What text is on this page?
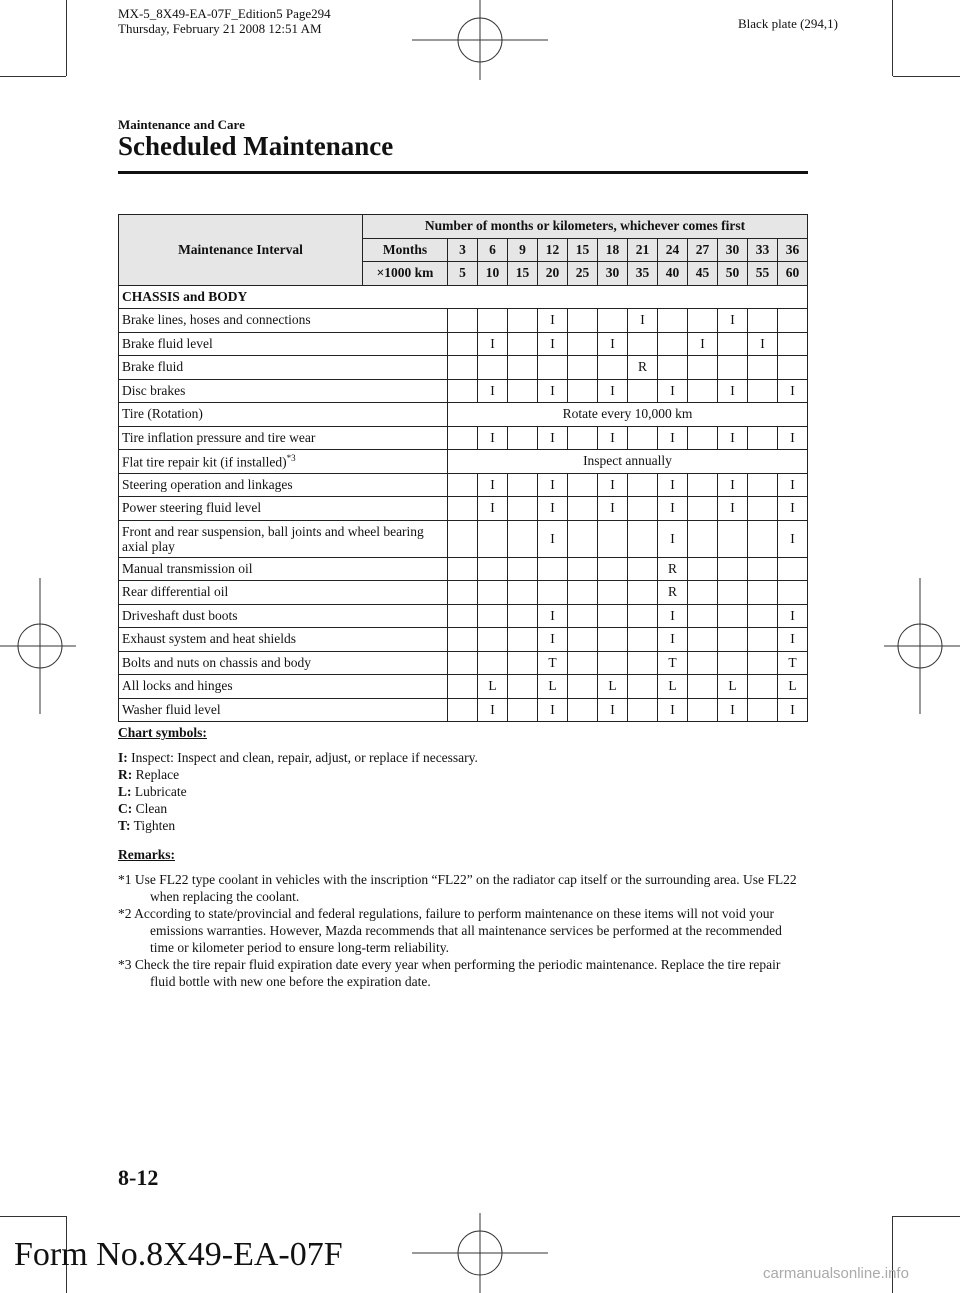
MX-5_8X49-EA-07F_Edition5 Page294
Thursday, February 21 2008 12:51 AM	Black plate (294,1)
Maintenance and Care
Scheduled Maintenance
Maintenance Interval	Number of months or kilometers, whichever comes first												
	Months	3	6	9	12	15	18	21	24	27	30	33	36
	×1000 km	5	10	15	20	25	30	35	40	45	50	55	60
CHASSIS and BODY													
Brake lines, hoses and connections					I			I			I		
Brake fluid level			I		I		I			I		I	
Brake fluid								R					
Disc brakes			I		I		I		I		I		I
Tire (Rotation)		Rotate every 10,000 km											
Tire inflation pressure and tire wear			I		I		I		I		I		I
Flat tire repair kit (if installed)$^{*3}$		Inspect annually											
Steering operation and linkages			I		I		I		I		I		I
Power steering fluid level			I		I		I		I		I		I
Front and rear suspension, ball joints and wheel bearing axial play					I				I				I
Manual transmission oil									R				
Rear differential oil									R				
Driveshaft dust boots					I				I				I
Exhaust system and heat shields					I				I				I
Bolts and nuts on chassis and body					T				T				T
All locks and hinges			L		L		L		L		L		L
Washer fluid level			I		I		I		I		I		I
Chart symbols:
I: Inspect: Inspect and clean, repair, adjust, or replace if necessary.
R: Replace
L: Lubricate
C: Clean
T: Tighten
Remarks:

*1 Use FL22 type coolant in vehicles with the inscription “FL22” on the radiator cap itself or the surrounding area. Use FL22 when replacing the coolant.

*2 According to state/provincial and federal regulations, failure to perform maintenance on these items will not void your emissions warranties. However, Mazda recommends that all maintenance services be performed at the recommended time or kilometer period to ensure long-term reliability.

*3 Check the tire repair fluid expiration date every year when performing the periodic maintenance. Replace the tire repair fluid bottle with new one before the expiration date.

8-12
Form No.8X49-EA-07F
carmanualsonline.info
